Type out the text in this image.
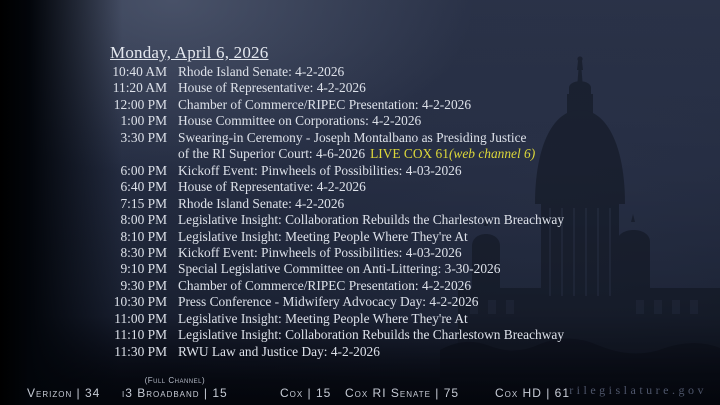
Monday, April 6, 2026
10:40 AM Rhode Island Senate: 4-2-2026
11:20 AM House of Representative: 4-2-2026
12:00 PM Chamber of Commerce/RIPEC Presentation: 4-2-2026
1:00 PM House Committee on Corporations: 4-2-2026
3:30 PM Swearing-in Ceremony - Joseph Montalbano as Presiding Justice
of the RI Superior Court: 4-6-2026 LIVE COX 61(web channel 6)
6:00 PM Kickoff Event: Pinwheels of Possibilities: 4-03-2026
6:40 PM House of Representative: 4-2-2026
7:15 PM Rhode Island Senate: 4-2-2026
8:00 PM Legislative Insight: Collaboration Rebuilds the Charlestown Breachway
8:10 PM Legislative Insight: Meeting People Where They're At
8:30 PM Kickoff Event: Pinwheels of Possibilities: 4-03-2026
9:10 PM Special Legislative Committee on Anti-Littering: 3-30-2026
9:30 PM Chamber of Commerce/RIPEC Presentation: 4-2-2026
10:30 PM Press Conference - Midwifery Advocacy Day: 4-2-2026
11:00 PM Legislative Insight: Meeting People Where They're At
11:10 PM Legislative Insight: Collaboration Rebuilds the Charlestown Breachway
11:30 PM RWU Law and Justice Day: 4-2-2026
Verizon | 34
(Full Channel)
i3 Broadband | 15	Cox | 15 Cox RI Senate | 75	Cox HD | 61 rilegislature.gov
